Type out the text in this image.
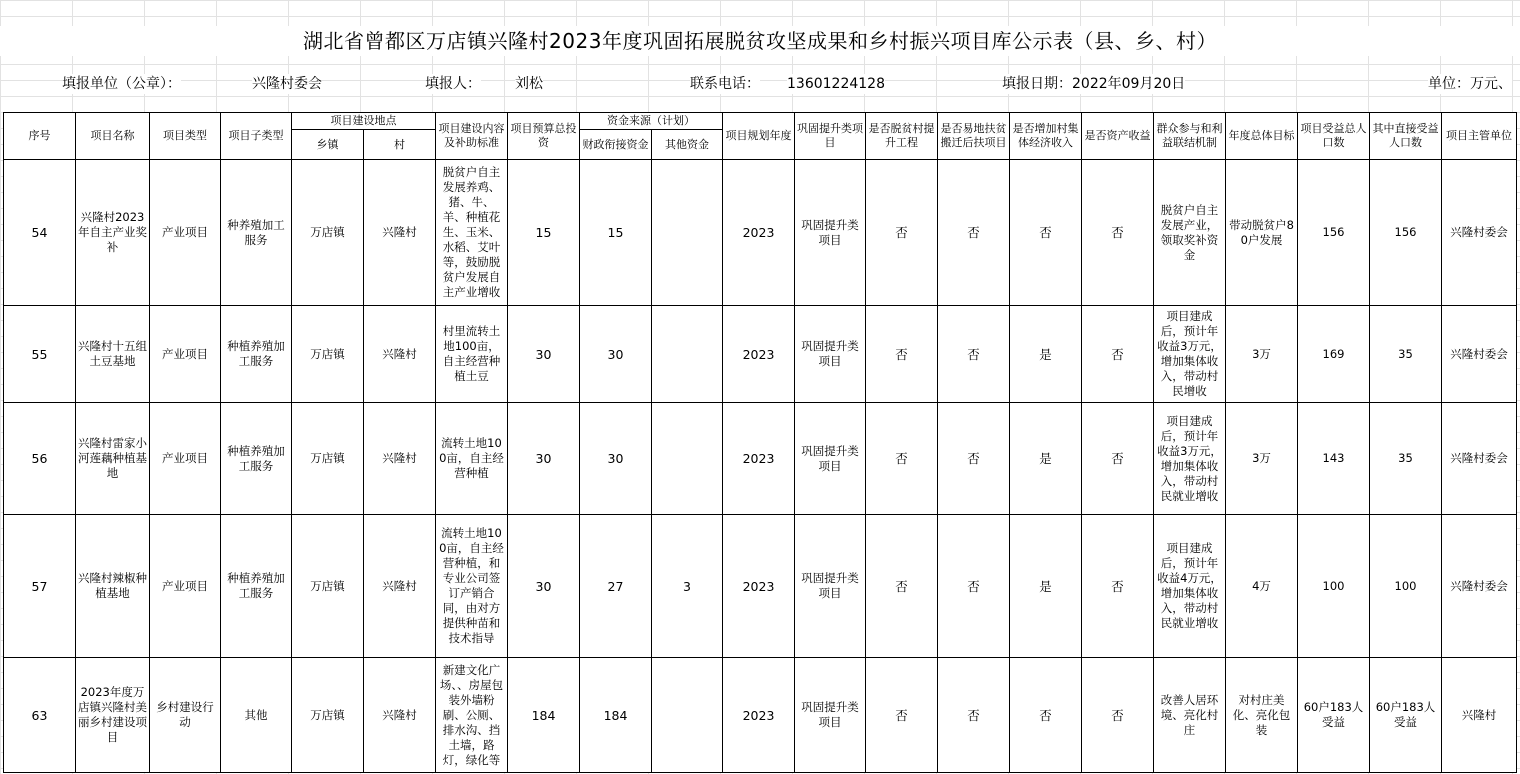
湖北省曾都区万店镇兴隆村2023年度巩固拓展脱贫攻坚成果和乡村振兴项目库公示表（县、乡、村）
填报单位（公章）：	兴隆村委会	填报人： 刘松	联系电话： 13601224128	填报日期：2022年09月20日	单位：万元、
序号	项目名称	项目类型	项目子类型	项目建设地点		项目建设内容及补助标准	项目预算总投资	资金来源（计划）		项目规划年度	巩固提升类项目	是否脱贫村提升工程	是否易地扶贫搬迁后扶项目	是否增加村集体经济收入	是否资产收益	群众参与和利益联结机制	年度总体目标	项目受益总人口数	其中直接受益人口数	项目主管单位
				乡镇	村			财政衔接资金	其他资金											

54	兴隆村2023年自主产业奖补	产业项目	种养殖加工服务	万店镇	兴隆村	脱贫户自主发展养鸡、猪、牛、羊、种植花生、玉米、水稻、艾叶等，鼓励脱贫户发展自主产业增收	15	15		2023	巩固提升类项目	否	否	否	否	脱贫户自主发展产业，领取奖补资金	带动脱贫户80户发展	156	156	兴隆村委会

55	兴隆村十五组土豆基地	产业项目	种植养殖加工服务	万店镇	兴隆村	村里流转土地100亩，自主经营种植土豆	30	30		2023	巩固提升类项目	否	否	是	否	项目建成后，预计年收益3万元，增加集体收入，带动村民增收	3万	169	35	兴隆村委会

56	兴隆村雷家小河莲藕种植基地	产业项目	种植养殖加工服务	万店镇	兴隆村	流转土地100亩，自主经营种植	30	30		2023	巩固提升类项目	否	否	是	否	项目建成后，预计年收益3万元，增加集体收入，带动村民就业增收	3万	143	35	兴隆村委会

57	兴隆村辣椒种植基地	产业项目	种植养殖加工服务	万店镇	兴隆村	流转土地100亩，自主经营种植，和专业公司签订产销合同，由对方提供种苗和技术指导	30	27	3	2023	巩固提升类项目	否	否	是	否	项目建成后，预计年收益4万元，增加集体收入，带动村民就业增收	4万	100	100	兴隆村委会

63	2023年度万店镇兴隆村美丽乡村建设项目	乡村建设行动	其他	万店镇	兴隆村	新建文化广场、、房屋包装外墙粉刷、公厕、排水沟、挡土墙，路灯，绿化等	184	184		2023	巩固提升类项目	否	否	否	否	改善人居环境、亮化村庄	对村庄美化、亮化包装	60户183人受益	60户183人受益	兴隆村
